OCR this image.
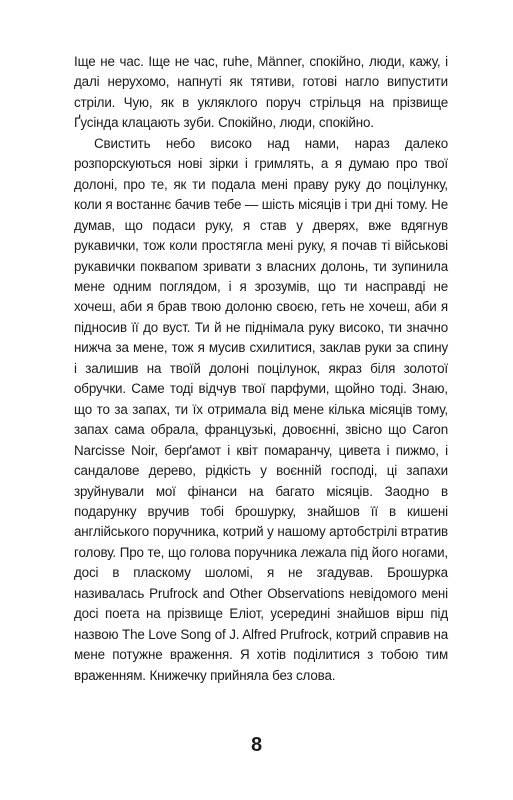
Іще не час. Іще не час, ruhe, Männer, спокійно, люди, кажу, і далі нерухомо, напнуті як тятиви, готові нагло випустити стріли. Чую, як в укляклого поруч стрільця на прізвище Ґусінда клацають зуби. Спокійно, люди, спокійно.

Свистить небо високо над нами, нараз далеко розпорскуються нові зірки і гримлять, а я думаю про твої долоні, про те, як ти подала мені праву руку до поцілунку, коли я востаннє бачив тебе — шість місяців і три дні тому. Не думав, що подаси руку, я став у дверях, вже вдягнув рукавички, тож коли простягла мені руку, я почав ті військові рукавички поквапом зривати з власних долонь, ти зупинила мене одним поглядом, і я зрозумів, що ти насправді не хочеш, аби я брав твою долоню своєю, геть не хочеш, аби я підносив її до вуст. Ти й не піднімала руку високо, ти значно нижча за мене, тож я мусив схилитися, заклав руки за спину і залишив на твоїй долоні поцілунок, якраз біля золотої обручки. Саме тоді відчув твої парфуми, щойно тоді. Знаю, що то за запах, ти їх отримала від мене кілька місяців тому, запах сама обрала, французькі, довоєнні, звісно що Caron Narcisse Noir, берґамот і квіт помаранчу, цивета і пижмо, і сандалове дерево, рідкість у воєнній господі, ці запахи зруйнували мої фінанси на багато місяців. Заодно в подарунку вручив тобі брошурку, знайшов її в кишені англійського поручника, котрий у нашому артобстрілі втратив голову. Про те, що голова поручника лежала під його ногами, досі в пласкому шоломі, я не згадував. Брошурка називалась Prufrock and Other Observations невідомого мені досі поета на прізвище Еліот, усередині знайшов вірш під назвою The Love Song of J. Alfred Prufrock, котрий справив на мене потужне враження. Я хотів поділитися з тобою тим враженням. Книжечку прийняла без слова.

8
